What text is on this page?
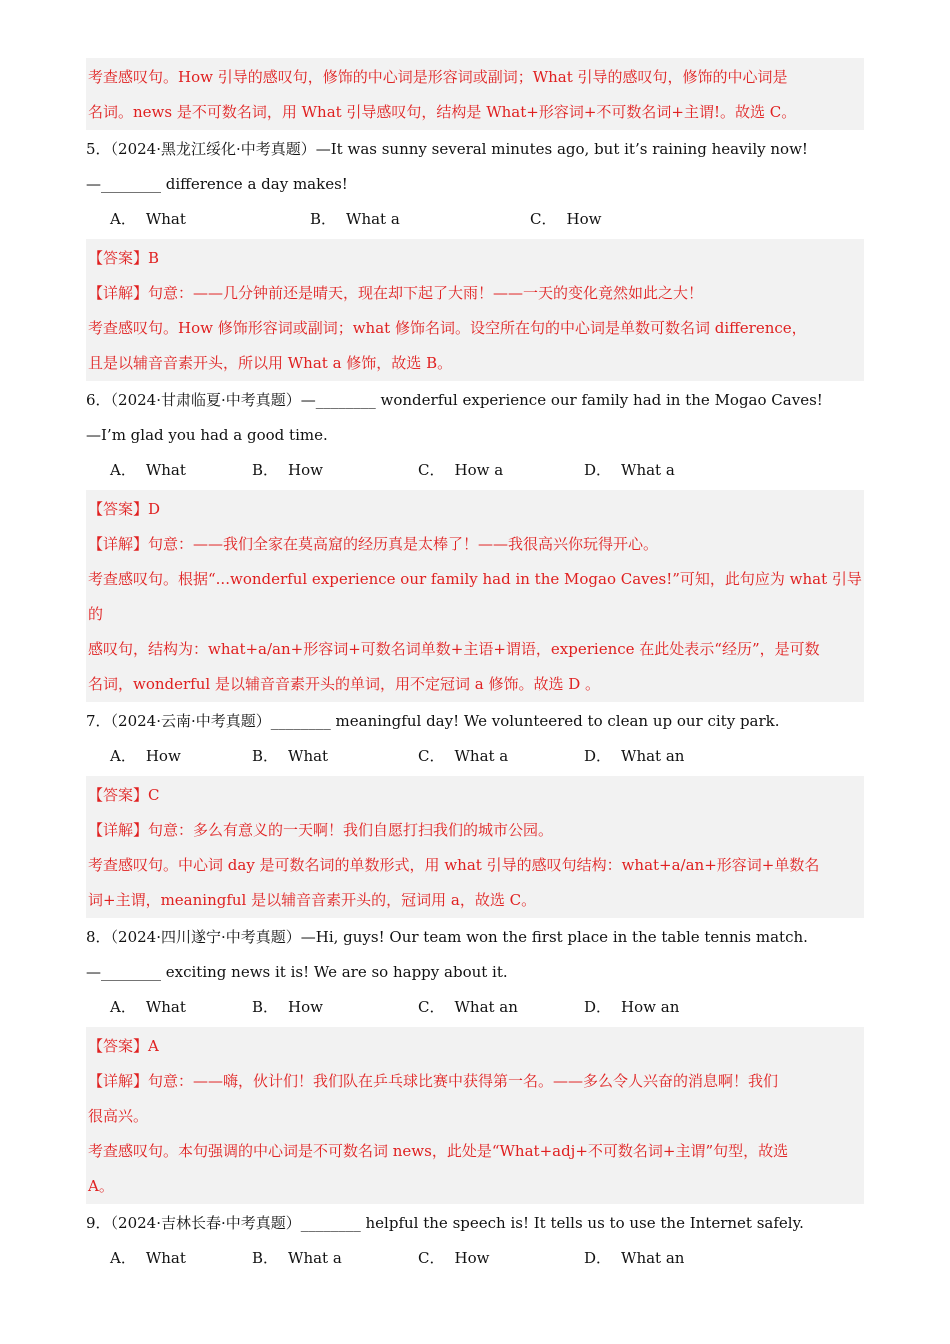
考查感叹句。How 引导的感叹句，修饰的中心词是形容词或副词；What 引导的感叹句，修饰的中心词是

名词。news 是不可数名词，用 What 引导感叹句，结构是 What+形容词+不可数名词+主谓!。故选 C。

5．（2024·黑龙江绥化·中考真题）—It was sunny several minutes ago, but it’s raining heavily now!

—________ difference a day makes!

A． What	B． What a	C． How

【答案】B

【详解】句意：——几分钟前还是晴天，现在却下起了大雨！——一天的变化竟然如此之大！

考查感叹句。How 修饰形容词或副词；what 修饰名词。设空所在句的中心词是单数可数名词 difference，

且是以辅音音素开头，所以用 What a 修饰，故选 B。

6．（2024·甘肃临夏·中考真题）—________ wonderful experience our family had in the Mogao Caves!

—I’m glad you had a good time.

A． What	B． How	C． How a	D． What a

【答案】D

【详解】句意：——我们全家在莫高窟的经历真是太棒了！——我很高兴你玩得开心。

考查感叹句。根据“...wonderful experience our family had in the Mogao Caves!”可知，此句应为 what 引导的

感叹句，结构为：what+a/an+形容词+可数名词单数+主语+谓语，experience 在此处表示“经历”，是可数

名词，wonderful 是以辅音音素开头的单词，用不定冠词 a 修饰。故选 D 。

7．（2024·云南·中考真题）________ meaningful day! We volunteered to clean up our city park.

A． How	B． What	C． What a	D． What an

【答案】C

【详解】句意：多么有意义的一天啊！我们自愿打扫我们的城市公园。

考查感叹句。中心词 day 是可数名词的单数形式，用 what 引导的感叹句结构：what+a/an+形容词+单数名

词+主谓，meaningful 是以辅音音素开头的，冠词用 a，故选 C。

8．（2024·四川遂宁·中考真题）—Hi, guys! Our team won the first place in the table tennis match.

—________ exciting news it is! We are so happy about it.

A． What	B． How	C． What an	D． How an

【答案】A

【详解】句意：——嗨，伙计们！我们队在乒乓球比赛中获得第一名。——多么令人兴奋的消息啊！我们

很高兴。

考查感叹句。本句强调的中心词是不可数名词 news，此处是“What+adj+不可数名词+主谓”句型，故选

A。

9．（2024·吉林长春·中考真题）________ helpful the speech is! It tells us to use the Internet safely.

A． What	B． What a	C． How	D． What an
